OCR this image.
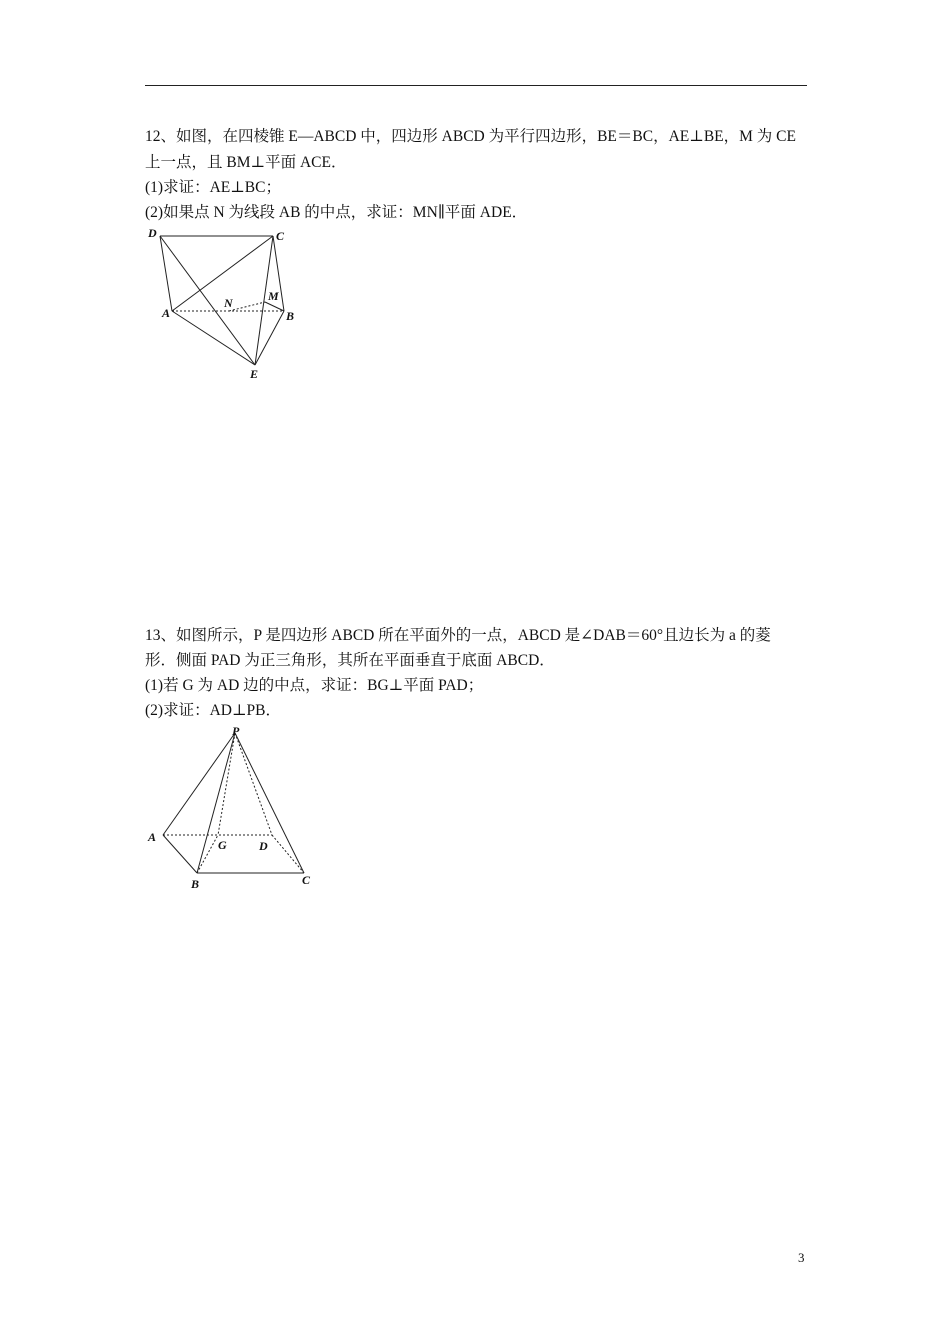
12、如图，在四棱锥 E—ABCD 中，四边形 ABCD 为平行四边形，BE＝BC，AE⊥BE，M 为 CE
上一点，且 BM⊥平面 ACE．
(1)求证：AE⊥BC；
(2)如果点 N 为线段 AB 的中点，求证：MN∥平面 ADE．
D	C
N	M
A	B
E
13、如图所示，P 是四边形 ABCD 所在平面外的一点，ABCD 是∠DAB＝60°且边长为 a 的菱
形．侧面 PAD 为正三角形，其所在平面垂直于底面 ABCD．
(1)若 G 为 AD 边的中点，求证：BG⊥平面 PAD；
(2)求证：AD⊥PB．
P
A
G	D
B	C
3
